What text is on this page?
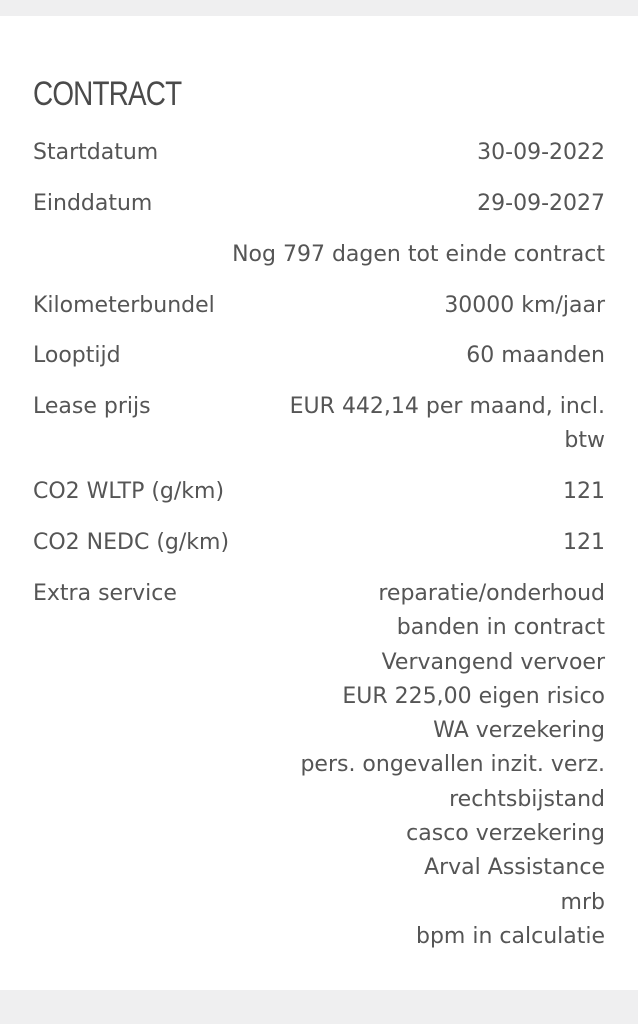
CONTRACT
Startdatum	30-09-2022
Einddatum	29-09-2027
Nog 797 dagen tot einde contract
Kilometerbundel	30000 km/jaar
Looptijd	60 maanden
Lease prijs	EUR 442,14 per maand, incl. btw
CO2 WLTP (g/km)	121
CO2 NEDC (g/km)	121
Extra service	reparatie/onderhoud
banden in contract
Vervangend vervoer
EUR 225,00 eigen risico
WA verzekering
pers. ongevallen inzit. verz.
rechtsbijstand
casco verzekering
Arval Assistance
mrb
bpm in calculatie
